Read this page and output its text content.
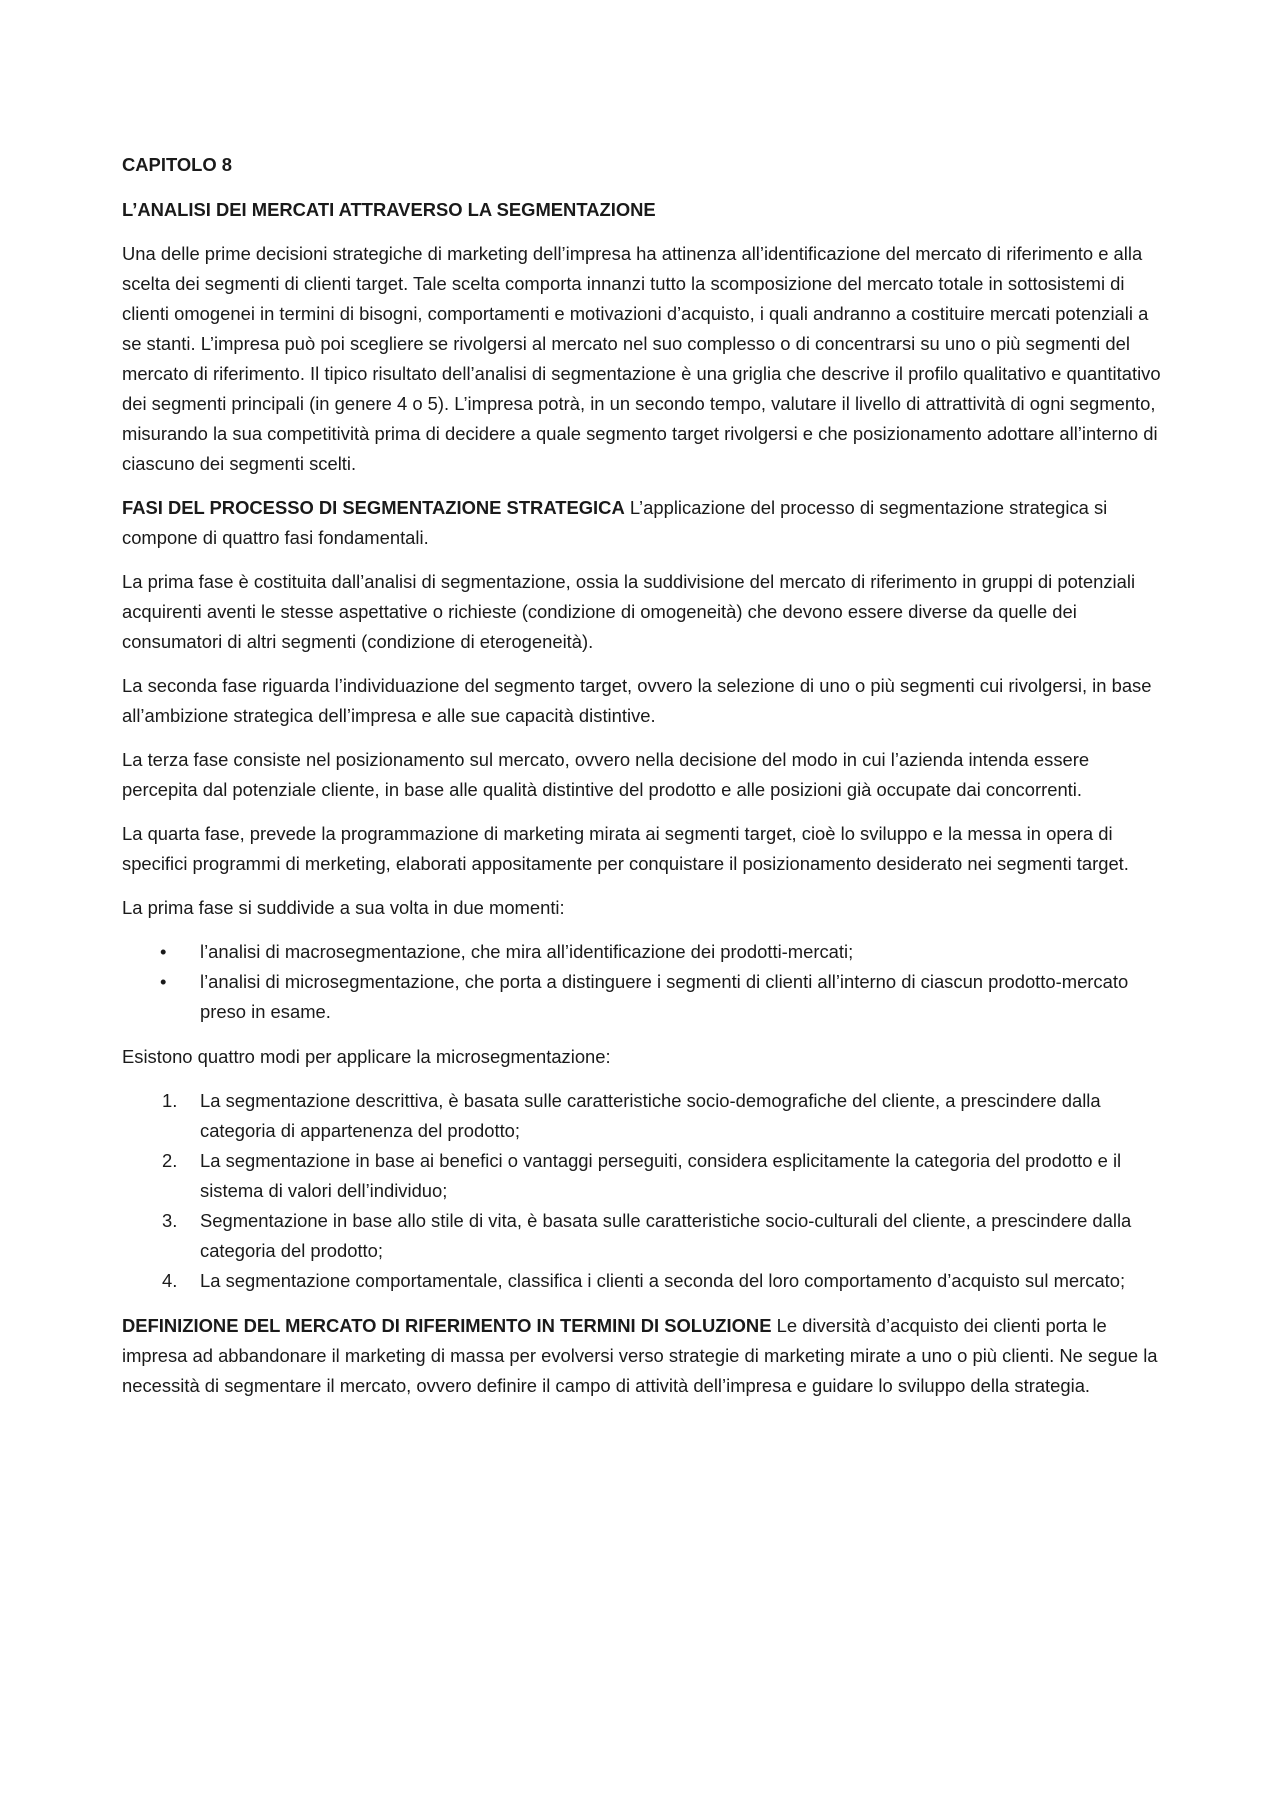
CAPITOLO 8

L’ANALISI DEI MERCATI ATTRAVERSO LA SEGMENTAZIONE

Una delle prime decisioni strategiche di marketing dell’impresa ha attinenza all’identificazione del mercato di riferimento e alla scelta dei segmenti di clienti target. Tale scelta comporta innanzi tutto la scomposizione del mercato totale in sottosistemi di clienti omogenei in termini di bisogni, comportamenti e motivazioni d’acquisto, i quali andranno a costituire mercati potenziali a se stanti. L’impresa può poi scegliere se rivolgersi al mercato nel suo complesso o di concentrarsi su uno o più segmenti del mercato di riferimento. Il tipico risultato dell’analisi di segmentazione è una griglia che descrive il profilo qualitativo e quantitativo dei segmenti principali (in genere 4 o 5). L’impresa potrà, in un secondo tempo, valutare il livello di attrattività di ogni segmento, misurando la sua competitività prima di decidere a quale segmento target rivolgersi e che posizionamento adottare all’interno di ciascuno dei segmenti scelti.

FASI DEL PROCESSO DI SEGMENTAZIONE STRATEGICA L’applicazione del processo di segmentazione strategica si compone di quattro fasi fondamentali.

La prima fase è costituita dall’analisi di segmentazione, ossia la suddivisione del mercato di riferimento in gruppi di potenziali acquirenti aventi le stesse aspettative o richieste (condizione di omogeneità) che devono essere diverse da quelle dei consumatori di altri segmenti (condizione di eterogeneità).

La seconda fase riguarda l’individuazione del segmento target, ovvero la selezione di uno o più segmenti cui rivolgersi, in base all’ambizione strategica dell’impresa e alle sue capacità distintive.

La terza fase consiste nel posizionamento sul mercato, ovvero nella decisione del modo in cui l’azienda intenda essere percepita dal potenziale cliente, in base alle qualità distintive del prodotto e alle posizioni già occupate dai concorrenti.

La quarta fase, prevede la programmazione di marketing mirata ai segmenti target, cioè lo sviluppo e la messa in opera di specifici programmi di merketing, elaborati appositamente per conquistare il posizionamento desiderato nei segmenti target.

La prima fase si suddivide a sua volta in due momenti:

• l’analisi di macrosegmentazione, che mira all’identificazione dei prodotti-mercati;
• l’analisi di microsegmentazione, che porta a distinguere i segmenti di clienti all’interno di ciascun prodotto-mercato preso in esame.

Esistono quattro modi per applicare la microsegmentazione:

1. La segmentazione descrittiva, è basata sulle caratteristiche socio-demografiche del cliente, a prescindere dalla categoria di appartenenza del prodotto;
2. La segmentazione in base ai benefici o vantaggi perseguiti, considera esplicitamente la categoria del prodotto e il sistema di valori dell’individuo;
3. Segmentazione in base allo stile di vita, è basata sulle caratteristiche socio-culturali del cliente, a prescindere dalla categoria del prodotto;
4. La segmentazione comportamentale, classifica i clienti a seconda del loro comportamento d’acquisto sul mercato;

DEFINIZIONE DEL MERCATO DI RIFERIMENTO IN TERMINI DI SOLUZIONE Le diversità d’acquisto dei clienti porta le impresa ad abbandonare il marketing di massa per evolversi verso strategie di marketing mirate a uno o più clienti. Ne segue la necessità di segmentare il mercato, ovvero definire il campo di attività dell’impresa e guidare lo sviluppo della strategia.
